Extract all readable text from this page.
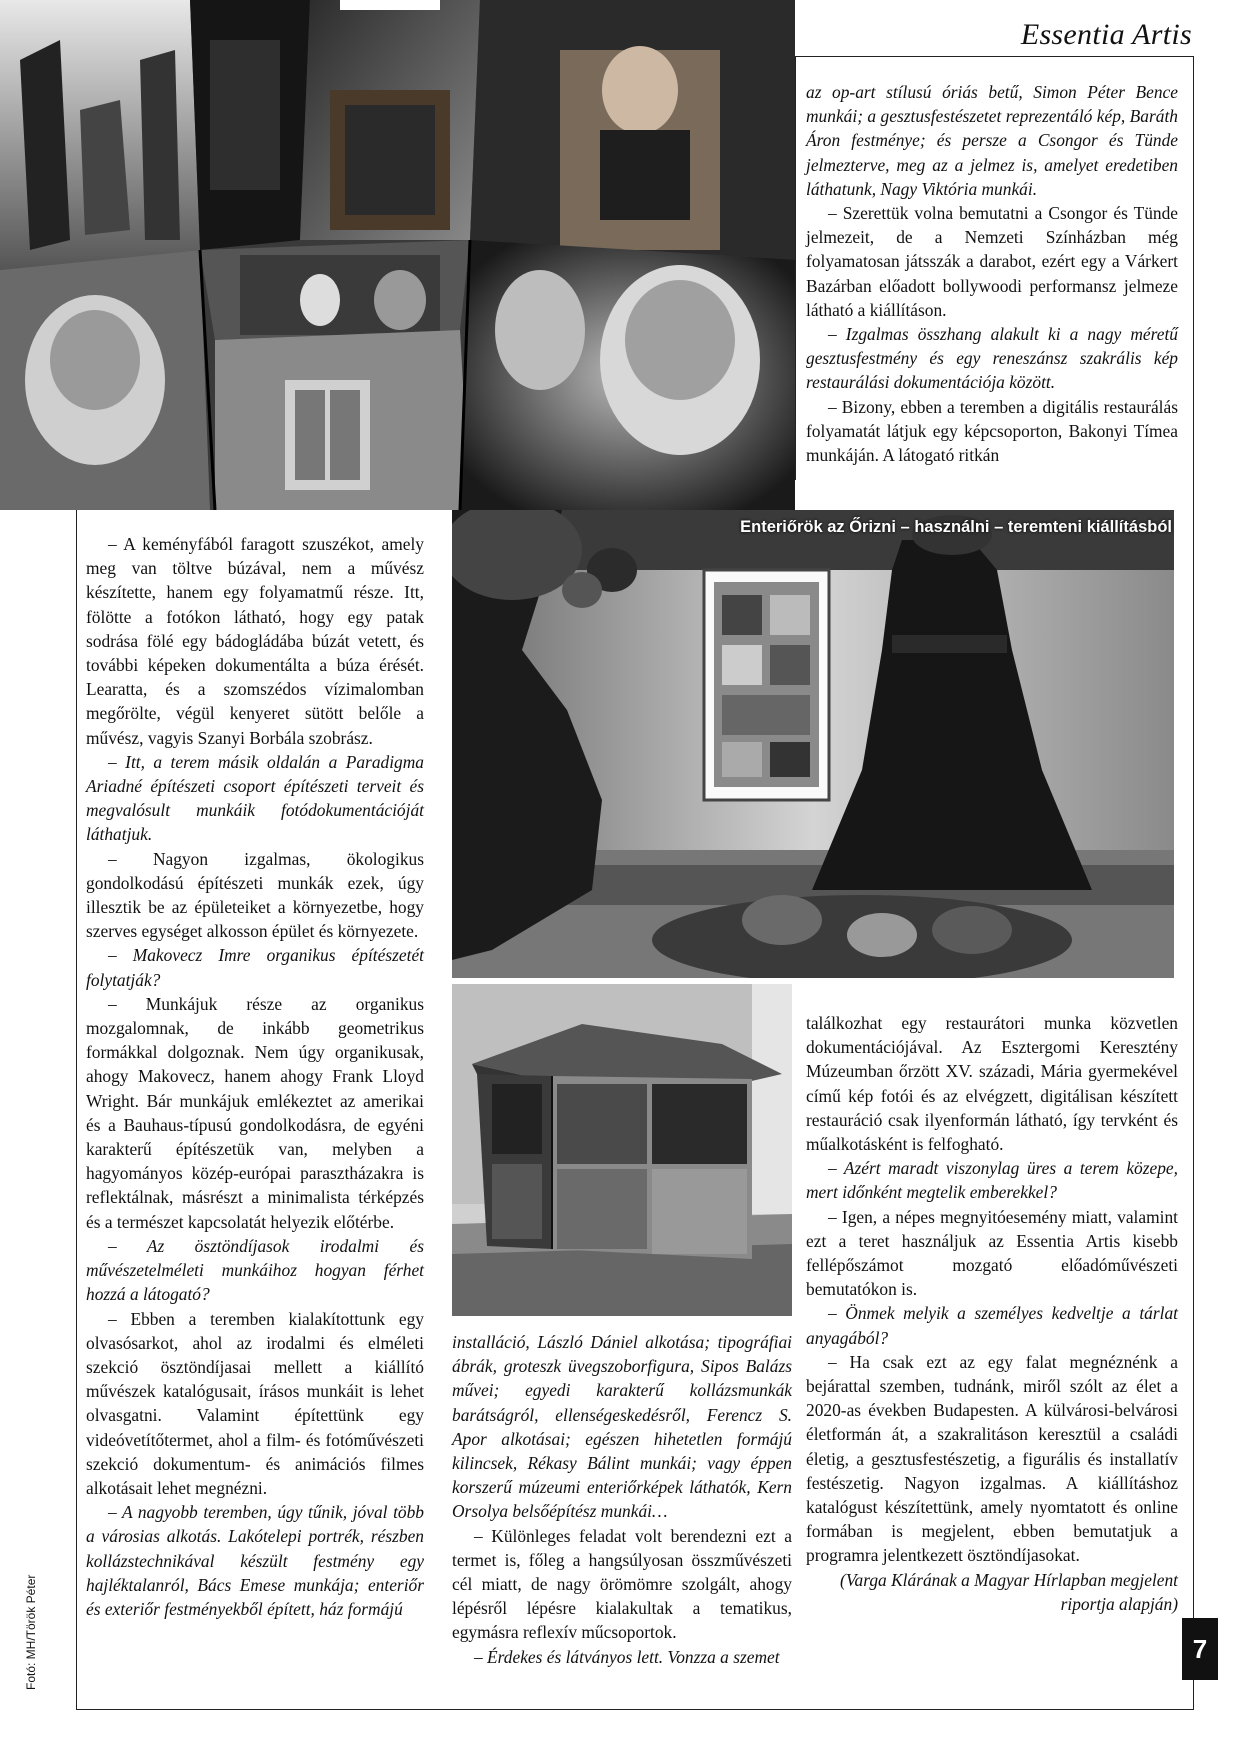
Essentia Artis
Enteriőrök az Őrizni – használni – teremteni kiállításból

az op-art stílusú óriás betű, Simon Péter Bence munkái; a gesztusfestészetet reprezentáló kép, Baráth Áron festménye; és persze a Csongor és Tünde jelmezterve, meg az a jelmez is, amelyet eredetiben láthatunk, Nagy Viktória munkái.

– Szerettük volna bemutatni a Csongor és Tünde jelmezeit, de a Nemzeti Színházban még folyamatosan játsszák a darabot, ezért egy a Várkert Bazárban előadott bollywoodi performansz jelmeze látható a kiállításon.

– Izgalmas összhang alakult ki a nagy méretű gesztusfestmény és egy reneszánsz szakrális kép restaurálási dokumentációja között.

– Bizony, ebben a teremben a digitális restaurálás folyamatát látjuk egy képcsoporton, Bakonyi Tímea munkáján. A látogató ritkán

– A keményfából faragott szuszékot, amely meg van töltve búzával, nem a művész készítette, hanem egy folyamatmű része. Itt, fölötte a fotókon látható, hogy egy patak sodrása fölé egy bádogládába búzát vetett, és további képeken dokumentálta a búza érését. Learatta, és a szomszédos vízimalomban megőrölte, végül kenyeret sütött belőle a művész, vagyis Szanyi Borbála szobrász.

– Itt, a terem másik oldalán a Paradigma Ariadné építészeti csoport építészeti terveit és megvalósult munkáik fotódokumentációját láthatjuk.

– Nagyon izgalmas, ökologikus gondolkodású építészeti munkák ezek, úgy illesztik be az épületeiket a környezetbe, hogy szerves egységet alkosson épület és környezete.

– Makovecz Imre organikus építészetét folytatják?

– Munkájuk része az organikus mozgalomnak, de inkább geometrikus formákkal dolgoznak. Nem úgy organikusak, ahogy Makovecz, hanem ahogy Frank Lloyd Wright. Bár munkájuk emlékeztet az amerikai és a Bauhaus-típusú gondolkodásra, de egyéni karakterű építészetük van, melyben a hagyományos közép-európai parasztházakra is reflektálnak, másrészt a minimalista térképzés és a természet kapcsolatát helyezik előtérbe.

– Az ösztöndíjasok irodalmi és művészetelméleti munkáihoz hogyan férhet hozzá a látogató?

– Ebben a teremben kialakítottunk egy olvasósarkot, ahol az irodalmi és elméleti szekció ösztöndíjasai mellett a kiállító művészek katalógusait, írásos munkáit is lehet olvasgatni. Valamint építettünk egy videóvetítőtermet, ahol a film- és fotóművészeti szekció dokumentum- és animációs filmes alkotásait lehet megnézni.

– A nagyobb teremben, úgy tűnik, jóval több a városias alkotás. Lakótelepi portrék, részben kollázstechnikával készült festmény egy hajléktalanról, Bács Emese munkája; enteriőr és exteriőr festményekből épített, ház formájú

installáció, László Dániel alkotása; tipográfiai ábrák, groteszk üvegszoborfigura, Sipos Balázs művei; egyedi karakterű kollázsmunkák barátságról, ellenségeskedésről, Ferencz S. Apor alkotásai; egészen hihetetlen formájú kilincsek, Rékasy Bálint munkái; vagy éppen korszerű múzeumi enteriőrképek láthatók, Kern Orsolya belsőépítész munkái…

– Különleges feladat volt berendezni ezt a termet is, főleg a hangsúlyosan összművészeti cél miatt, de nagy örömömre szolgált, ahogy lépésről lépésre kialakultak a tematikus, egymásra reflexív műcsoportok.

– Érdekes és látványos lett. Vonzza a szemet

találkozhat egy restaurátori munka közvetlen dokumentációjával. Az Esztergomi Keresztény Múzeumban őrzött XV. századi, Mária gyermekével című kép fotói és az elvégzett, digitálisan készített restauráció csak ilyenformán látható, így tervként és műalkotásként is felfogható.

– Azért maradt viszonylag üres a terem közepe, mert időnként megtelik emberekkel?

– Igen, a népes megnyitóesemény miatt, valamint ezt a teret használjuk az Essentia Artis kisebb fellépőszámot mozgató előadóművészeti bemutatókon is.

– Önmek melyik a személyes kedveltje a tárlat anyagából?

– Ha csak ezt az egy falat megnéznénk a bejárattal szemben, tudnánk, miről szólt az élet a 2020-as években Budapesten. A külvárosi-belvárosi életformán át, a szakralitáson keresztül a családi életig, a gesztusfestészetig, a figurális és installatív festészetig. Nagyon izgalmas. A kiállításhoz katalógust készítettünk, amely nyomtatott és online formában is megjelent, ebben bemutatjuk a programra jelentkezett ösztöndíjasokat.

(Varga Klárának a Magyar Hírlapban megjelent riportja alapján)

7
Fotó: MH/Török Péter
